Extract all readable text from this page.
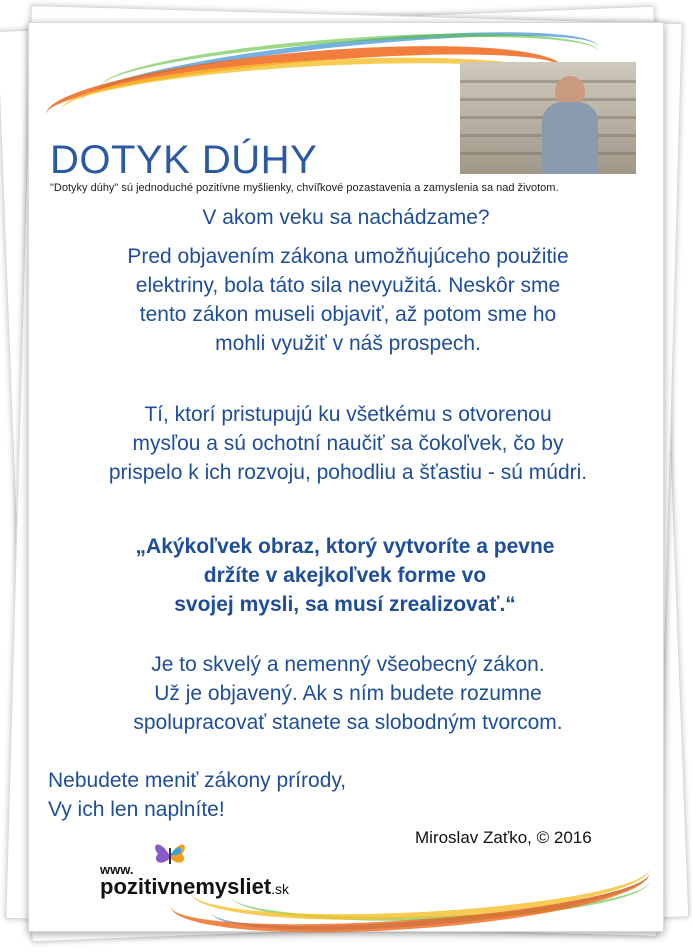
DOTYK DÚHY
"Dotyky dúhy" sú jednoduché pozitívne myšlienky, chvíľkové pozastavenia a zamyslenia sa nad životom.
V akom veku sa nachádzame?
Pred objavením zákona umožňujúceho použitie
elektriny, bola táto sila nevyužitá. Neskôr sme
tento zákon museli objaviť, až potom sme ho
mohli využiť v náš prospech.
Tí, ktorí pristupujú ku všetkému s otvorenou
mysľou a sú ochotní naučiť sa čokoľvek, čo by
prispelo k ich rozvoju, pohodliu a šťastiu - sú múdri.
„Akýkoľvek obraz, ktorý vytvoríte a pevne
držíte v akejkoľvek forme vo
svojej mysli, sa musí zrealizovať.“
Je to skvelý a nemenný všeobecný zákon.
Už je objavený. Ak s ním budete rozumne
spolupracovať stanete sa slobodným tvorcom.
Nebudete meniť zákony prírody,
Vy ich len naplníte!
Miroslav Zaťko, © 2016
www.
pozitivnemysliet.sk
